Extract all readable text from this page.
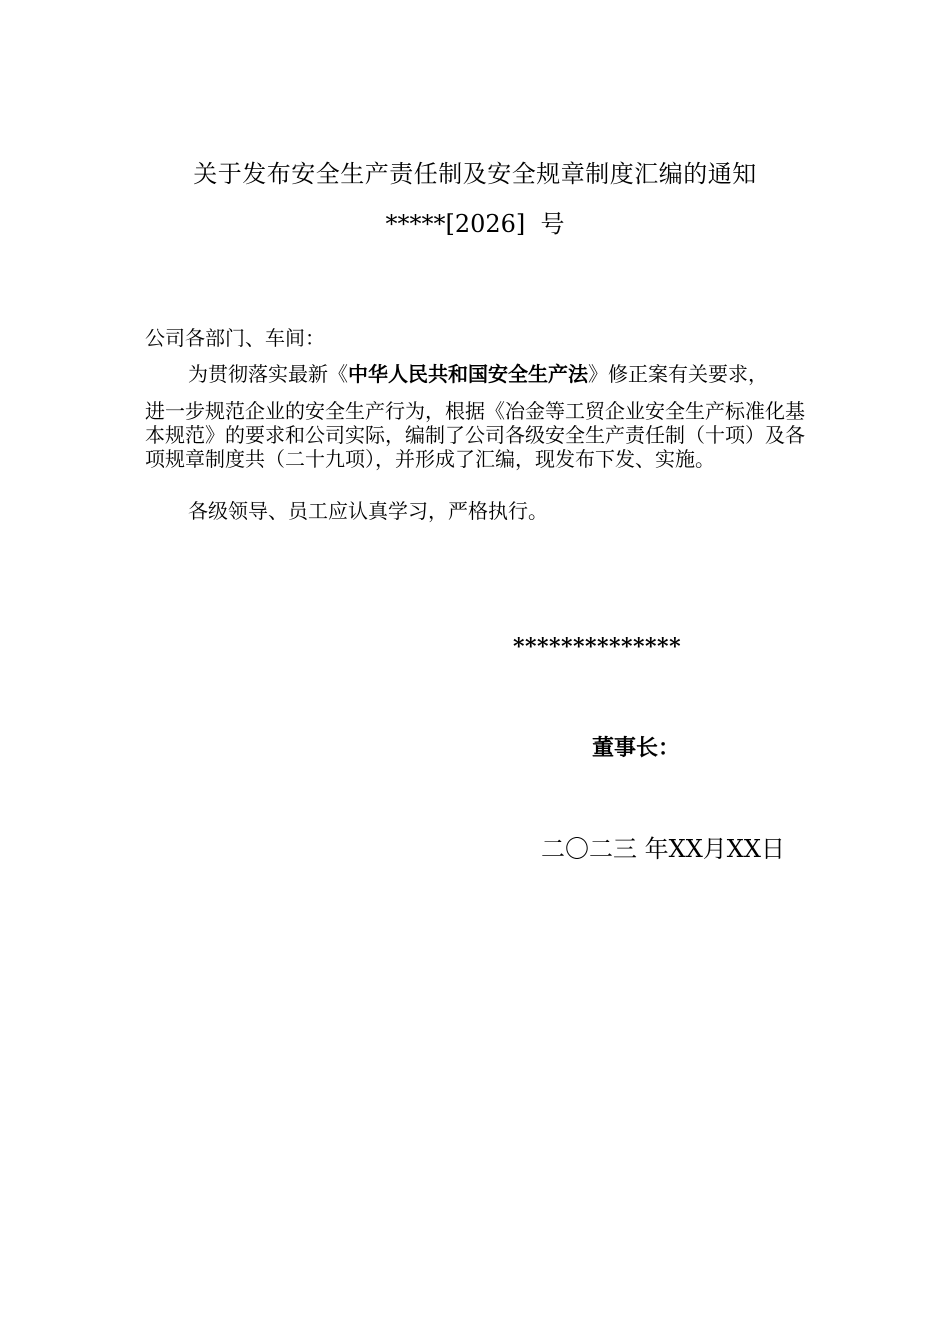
关于发布安全生产责任制及安全规章制度汇编的通知
*****[2026]  号
公司各部门、车间：
为贯彻落实最新《中华人民共和国安全生产法》修正案有关要求，
进一步规范企业的安全生产行为，根据《冶金等工贸企业安全生产标准化基本规范》的要求和公司实际，编制了公司各级安全生产责任制（十项）及各项规章制度共（二十九项），并形成了汇编，现发布下发、实施。
各级领导、员工应认真学习，严格执行。
**************
董事长：
二〇二三 年XX月XX日
